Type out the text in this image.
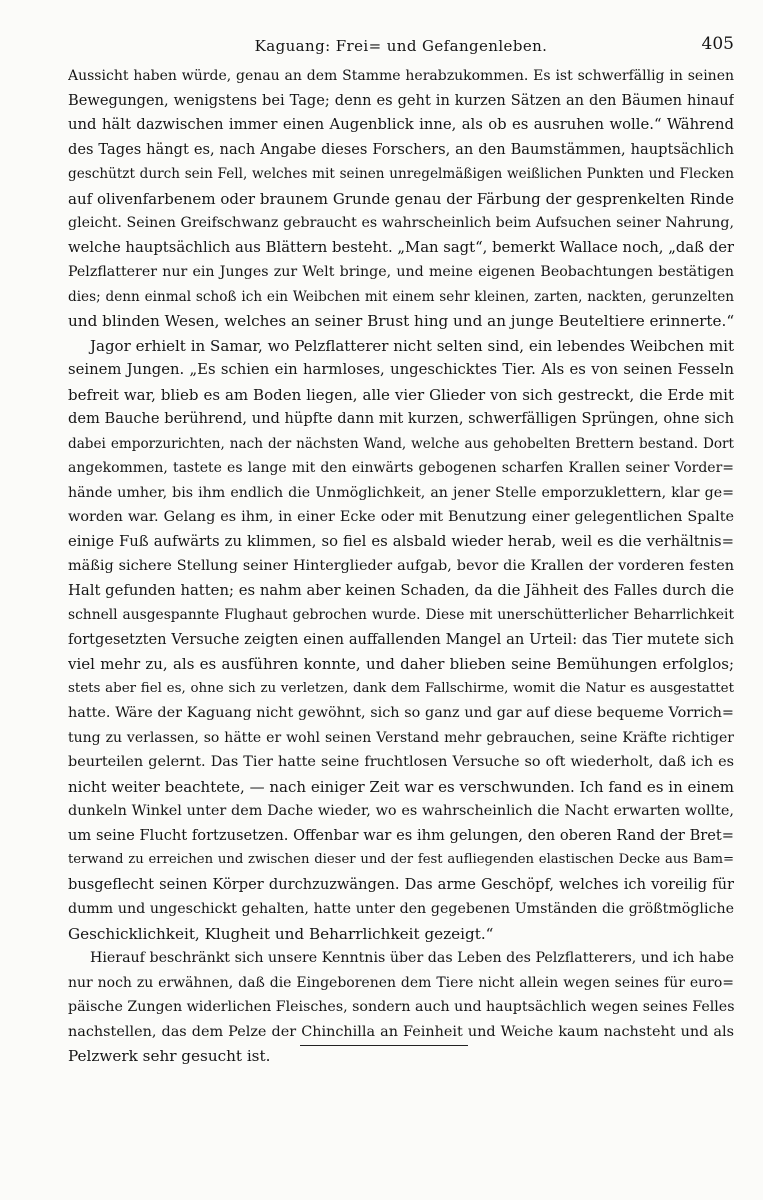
Kaguang: Frei= und Gefangenleben.	405
Aussicht haben würde, genau an dem Stamme herabzukommen. Es ist schwerfällig in seinen
Bewegungen, wenigstens bei Tage; denn es geht in kurzen Sätzen an den Bäumen hinauf
und hält dazwischen immer einen Augenblick inne, als ob es ausruhen wolle.“ Während
des Tages hängt es, nach Angabe dieses Forschers, an den Baumstämmen, hauptsächlich
geschützt durch sein Fell, welches mit seinen unregelmäßigen weißlichen Punkten und Flecken
auf olivenfarbenem oder braunem Grunde genau der Färbung der gesprenkelten Rinde
gleicht. Seinen Greifschwanz gebraucht es wahrscheinlich beim Aufsuchen seiner Nahrung,
welche hauptsächlich aus Blättern besteht. „Man sagt“, bemerkt Wallace noch, „daß der
Pelzflatterer nur ein Junges zur Welt bringe, und meine eigenen Beobachtungen bestätigen
dies; denn einmal schoß ich ein Weibchen mit einem sehr kleinen, zarten, nackten, gerunzelten
und blinden Wesen, welches an seiner Brust hing und an junge Beuteltiere erinnerte.“
Jagor erhielt in Samar, wo Pelzflatterer nicht selten sind, ein lebendes Weibchen mit
seinem Jungen. „Es schien ein harmloses, ungeschicktes Tier. Als es von seinen Fesseln
befreit war, blieb es am Boden liegen, alle vier Glieder von sich gestreckt, die Erde mit
dem Bauche berührend, und hüpfte dann mit kurzen, schwerfälligen Sprüngen, ohne sich
dabei emporzurichten, nach der nächsten Wand, welche aus gehobelten Brettern bestand. Dort
angekommen, tastete es lange mit den einwärts gebogenen scharfen Krallen seiner Vorder=
hände umher, bis ihm endlich die Unmöglichkeit, an jener Stelle emporzuklettern, klar ge=
worden war. Gelang es ihm, in einer Ecke oder mit Benutzung einer gelegentlichen Spalte
einige Fuß aufwärts zu klimmen, so fiel es alsbald wieder herab, weil es die verhältnis=
mäßig sichere Stellung seiner Hinterglieder aufgab, bevor die Krallen der vorderen festen
Halt gefunden hatten; es nahm aber keinen Schaden, da die Jähheit des Falles durch die
schnell ausgespannte Flughaut gebrochen wurde. Diese mit unerschütterlicher Beharrlichkeit
fortgesetzten Versuche zeigten einen auffallenden Mangel an Urteil: das Tier mutete sich
viel mehr zu, als es ausführen konnte, und daher blieben seine Bemühungen erfolglos;
stets aber fiel es, ohne sich zu verletzen, dank dem Fallschirme, womit die Natur es ausgestattet
hatte. Wäre der Kaguang nicht gewöhnt, sich so ganz und gar auf diese bequeme Vorrich=
tung zu verlassen, so hätte er wohl seinen Verstand mehr gebrauchen, seine Kräfte richtiger
beurteilen gelernt. Das Tier hatte seine fruchtlosen Versuche so oft wiederholt, daß ich es
nicht weiter beachtete, — nach einiger Zeit war es verschwunden. Ich fand es in einem
dunkeln Winkel unter dem Dache wieder, wo es wahrscheinlich die Nacht erwarten wollte,
um seine Flucht fortzusetzen. Offenbar war es ihm gelungen, den oberen Rand der Bret=
terwand zu erreichen und zwischen dieser und der fest aufliegenden elastischen Decke aus Bam=
busgeflecht seinen Körper durchzuzwängen. Das arme Geschöpf, welches ich voreilig für
dumm und ungeschickt gehalten, hatte unter den gegebenen Umständen die größtmögliche
Geschicklichkeit, Klugheit und Beharrlichkeit gezeigt.“
Hierauf beschränkt sich unsere Kenntnis über das Leben des Pelzflatterers, und ich habe
nur noch zu erwähnen, daß die Eingeborenen dem Tiere nicht allein wegen seines für euro=
päische Zungen widerlichen Fleisches, sondern auch und hauptsächlich wegen seines Felles
nachstellen, das dem Pelze der Chinchilla an Feinheit und Weiche kaum nachsteht und als
Pelzwerk sehr gesucht ist.
